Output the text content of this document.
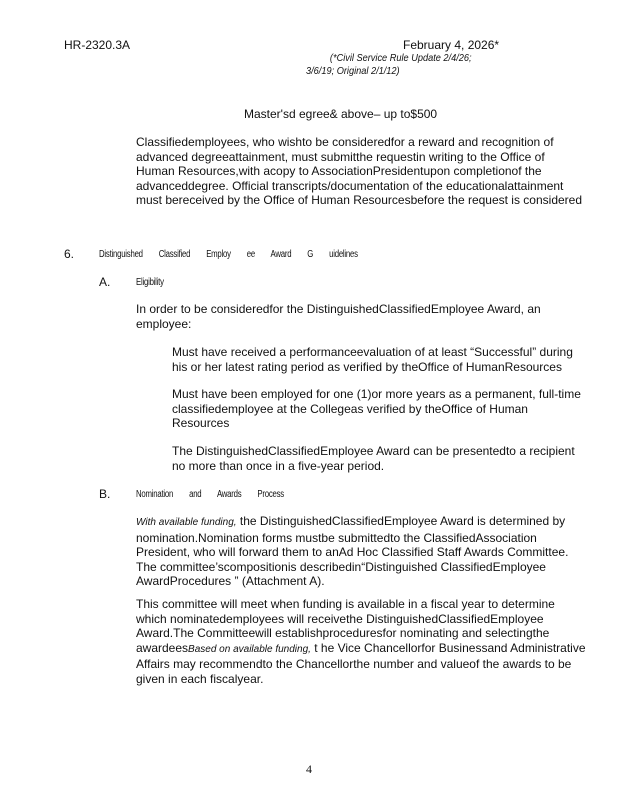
HR-2320.3A	February 4, 2026*
(*Civil Service Rule Update 2/4/26;
3/6/19; Original 2/1/12)
Master'sd egree& above– up to$500
Classifiedemployees, who wishto be consideredfor a reward and recognition of advanced degreeattainment, must submitthe requestin writing to the Office of Human Resources,with acopy to AssociationPresidentupon completionof the advanceddegree. Official transcripts/documentation of the educationalattainment must bereceived by the Office of Human Resourcesbefore the request is considered
6. Distinguished Classified Employ ee Award G uidelines
A.	Eligibility
In order to be consideredfor the DistinguishedClassifiedEmployee Award, an employee:
Must have received a performanceevaluation of at least “Successful” during his or her latest rating period as verified by theOffice of HumanResources
Must have been employed for one (1)or more years as a permanent, full-time classifiedemployee at the Collegeas verified by theOffice of Human Resources
The DistinguishedClassifiedEmployee Award can be presentedto a recipient no more than once in a five-year period.
B.	Nomination and Awards Process
With available funding, the DistinguishedClassifiedEmployee Award is determined by nomination.Nomination forms mustbe submittedto the ClassifiedAssociation President, who will forward them to anAd Hoc Classified Staff Awards Committee. The committee’scompositionis describedin“Distinguished ClassifiedEmployee AwardProcedures ” (Attachment A).
This committee will meet when funding is available in a fiscal year to determine which nominatedemployees will receivethe DistinguishedClassifiedEmployee Award.The Committeewill establishproceduresfor nominating and selectingthe awardeesBased on available funding, t he Vice Chancellorfor Businessand Administrative Affairs may recommendto the Chancellorthe number and valueof the awards to be given in each fiscalyear.
4
